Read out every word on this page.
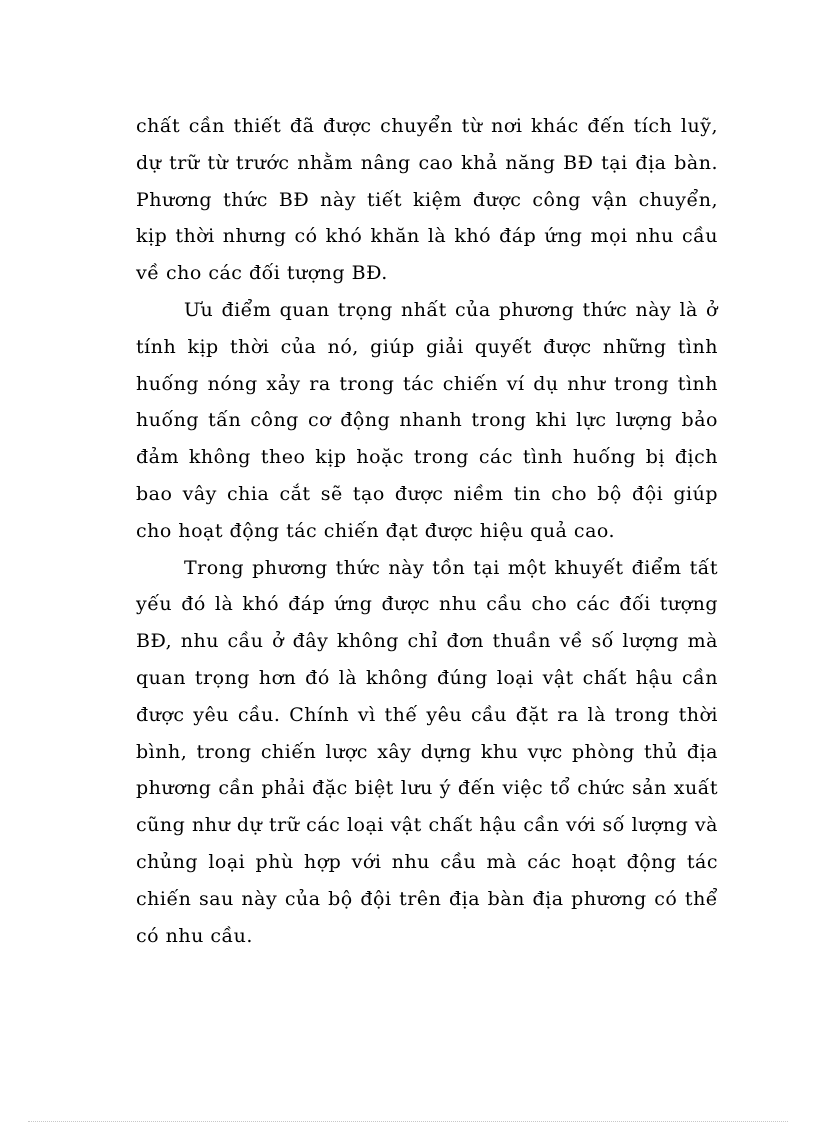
chất cần thiết đã được chuyển từ nơi khác đến tích luỹ,
dự trữ từ trước nhằm nâng cao khả năng BĐ tại địa bàn.
Phương thức BĐ này tiết kiệm được công vận chuyển,
kịp thời nhưng có khó khăn là khó đáp ứng mọi nhu cầu
về cho các đối tượng BĐ.

Ưu điểm quan trọng nhất của phương thức này là ở
tính kịp thời của nó, giúp giải quyết được những tình
huống nóng xảy ra trong tác chiến ví dụ như trong tình
huống tấn công cơ động nhanh trong khi lực lượng bảo
đảm không theo kịp hoặc trong các tình huống bị địch
bao vây chia cắt sẽ tạo được niềm tin cho bộ đội giúp
cho hoạt động tác chiến đạt được hiệu quả cao.

Trong phương thức này tồn tại một khuyết điểm tất
yếu đó là khó đáp ứng được nhu cầu cho các đối tượng
BĐ, nhu cầu ở đây không chỉ đơn thuần về số lượng mà
quan trọng hơn đó là không đúng loại vật chất hậu cần
được yêu cầu. Chính vì thế yêu cầu đặt ra là trong thời
bình, trong chiến lược xây dựng khu vực phòng thủ địa
phương cần phải đặc biệt lưu ý đến việc tổ chức sản xuất
cũng như dự trữ các loại vật chất hậu cần với số lượng và
chủng loại phù hợp với nhu cầu mà các hoạt động tác
chiến sau này của bộ đội trên địa bàn địa phương có thể
có nhu cầu.
